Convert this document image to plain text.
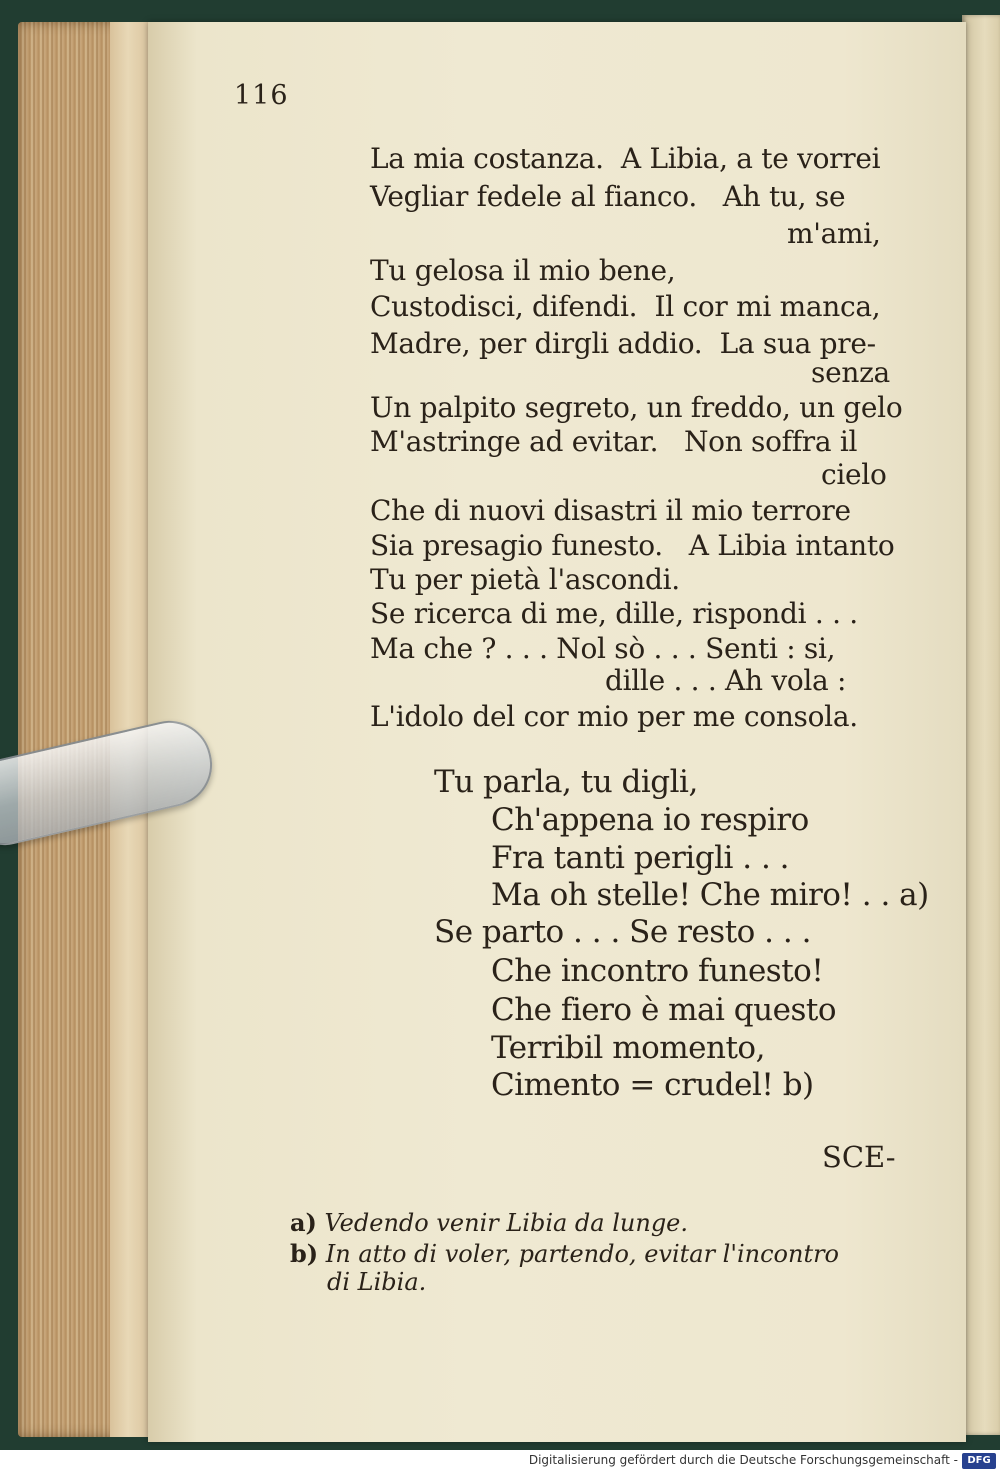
116
La mia costanza.  A Libia, a te vorrei
Vegliar fedele al fianco.   Ah tu, se
m'ami,
Tu gelosa il mio bene,
Custodisci, difendi.  Il cor mi manca,
Madre, per dirgli addio.  La sua pre-
senza
Un palpito segreto, un freddo, un gelo
M'astringe ad evitar.   Non soffra il
cielo
Che di nuovi disastri il mio terrore
Sia presagio funesto.   A Libia intanto
Tu per pietà l'ascondi.
Se ricerca di me, dille, rispondi . . .
Ma che ? . . . Nol sò . . . Senti : si,
dille . . . Ah vola :
L'idolo del cor mio per me consola.
Tu parla, tu digli,
Ch'appena io respiro
Fra tanti perigli . . .
Ma oh stelle! Che miro! . . a)
Se parto . . . Se resto . . .
Che incontro funesto!
Che fiero è mai questo
Terribil momento,
Cimento = crudel! b)
SCE-
a) Vedendo venir Libia da lunge.
b) In atto di voler, partendo, evitar l'incontro
di Libia.
Digitalisierung gefördert durch die Deutsche Forschungsgemeinschaft - DFG
